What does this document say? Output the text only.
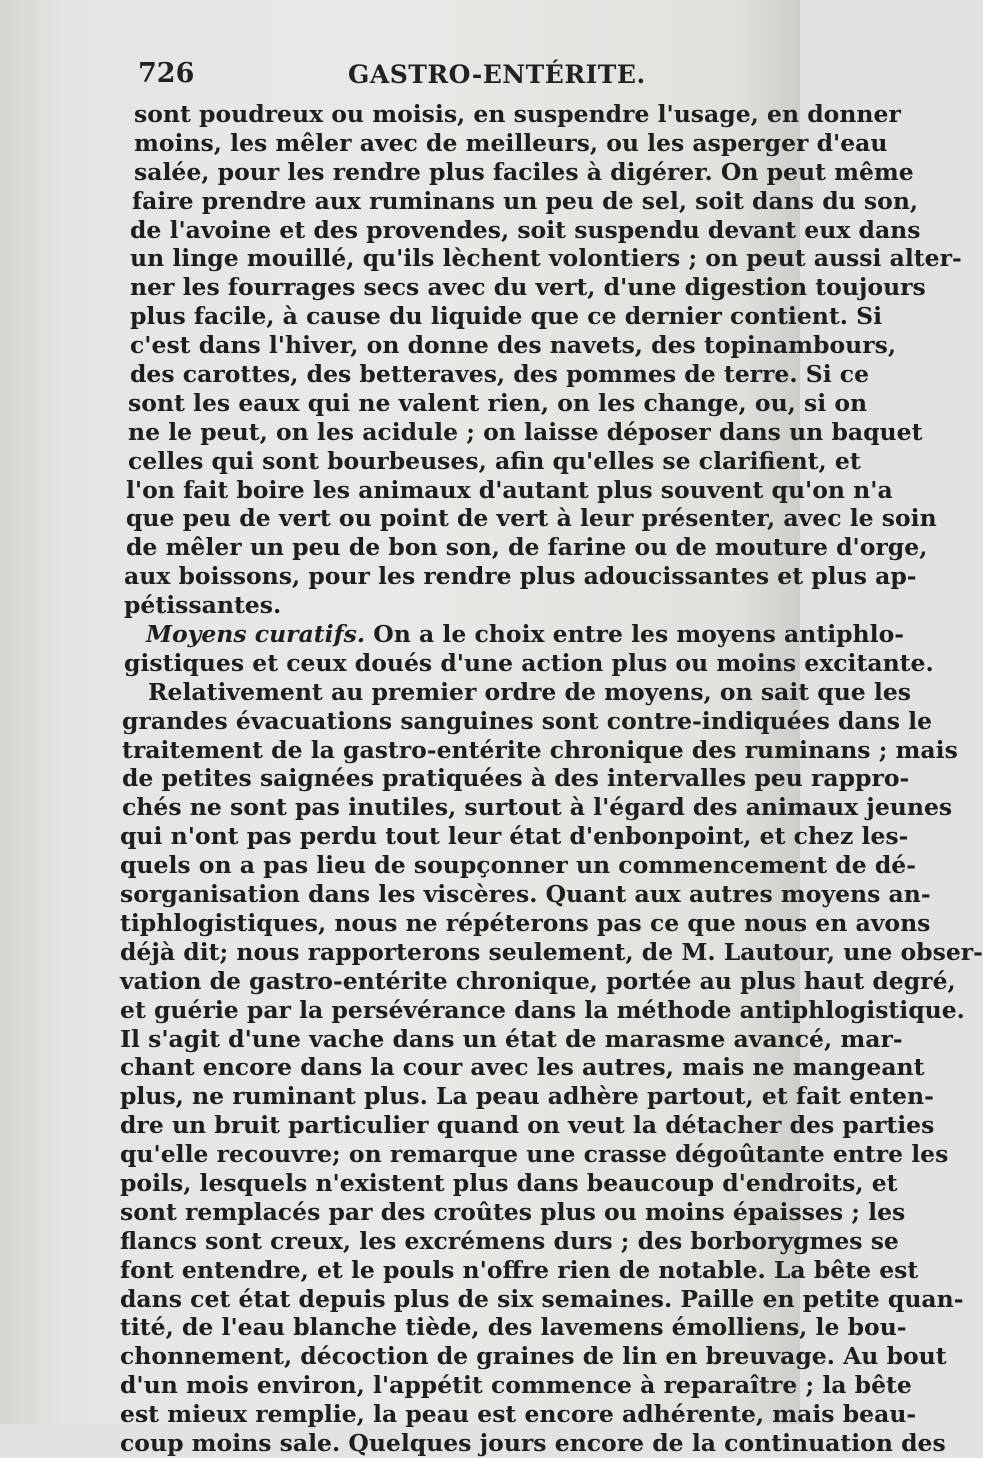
726	GASTRO-ENTÉRITE.
sont poudreux ou moisis, en suspendre l'usage, en donner
moins, les mêler avec de meilleurs, ou les asperger d'eau
salée, pour les rendre plus faciles à digérer. On peut même
faire prendre aux ruminans un peu de sel, soit dans du son,
de l'avoine et des provendes, soit suspendu devant eux dans
un linge mouillé, qu'ils lèchent volontiers ; on peut aussi alter-
ner les fourrages secs avec du vert, d'une digestion toujours
plus facile, à cause du liquide que ce dernier contient. Si
c'est dans l'hiver, on donne des navets, des topinambours,
des carottes, des betteraves, des pommes de terre. Si ce
sont les eaux qui ne valent rien, on les change, ou, si on
ne le peut, on les acidule ; on laisse déposer dans un baquet
celles qui sont bourbeuses, afin qu'elles se clarifient, et
l'on fait boire les animaux d'autant plus souvent qu'on n'a
que peu de vert ou point de vert à leur présenter, avec le soin
de mêler un peu de bon son, de farine ou de mouture d'orge,
aux boissons, pour les rendre plus adoucissantes et plus ap-
pétissantes.
Moyens curatifs. On a le choix entre les moyens antiphlo-
gistiques et ceux doués d'une action plus ou moins excitante.
Relativement au premier ordre de moyens, on sait que les
grandes évacuations sanguines sont contre-indiquées dans le
traitement de la gastro-entérite chronique des ruminans ; mais
de petites saignées pratiquées à des intervalles peu rappro-
chés ne sont pas inutiles, surtout à l'égard des animaux jeunes
qui n'ont pas perdu tout leur état d'enbonpoint, et chez les-
quels on a pas lieu de soupçonner un commencement de dé-
sorganisation dans les viscères. Quant aux autres moyens an-
tiphlogistiques, nous ne répéterons pas ce que nous en avons
déjà dit; nous rapporterons seulement, de M. Lautour, une obser-
vation de gastro-entérite chronique, portée au plus haut degré,
et guérie par la persévérance dans la méthode antiphlogistique.
Il s'agit d'une vache dans un état de marasme avancé, mar-
chant encore dans la cour avec les autres, mais ne mangeant
plus, ne ruminant plus. La peau adhère partout, et fait enten-
dre un bruit particulier quand on veut la détacher des parties
qu'elle recouvre; on remarque une crasse dégoûtante entre les
poils, lesquels n'existent plus dans beaucoup d'endroits, et
sont remplacés par des croûtes plus ou moins épaisses ; les
flancs sont creux, les excrémens durs ; des borborygmes se
font entendre, et le pouls n'offre rien de notable. La bête est
dans cet état depuis plus de six semaines. Paille en petite quan-
tité, de l'eau blanche tiède, des lavemens émolliens, le bou-
chonnement, décoction de graines de lin en breuvage. Au bout
d'un mois environ, l'appétit commence à reparaître ; la bête
est mieux remplie, la peau est encore adhérente, mais beau-
coup moins sale. Quelques jours encore de la continuation des
